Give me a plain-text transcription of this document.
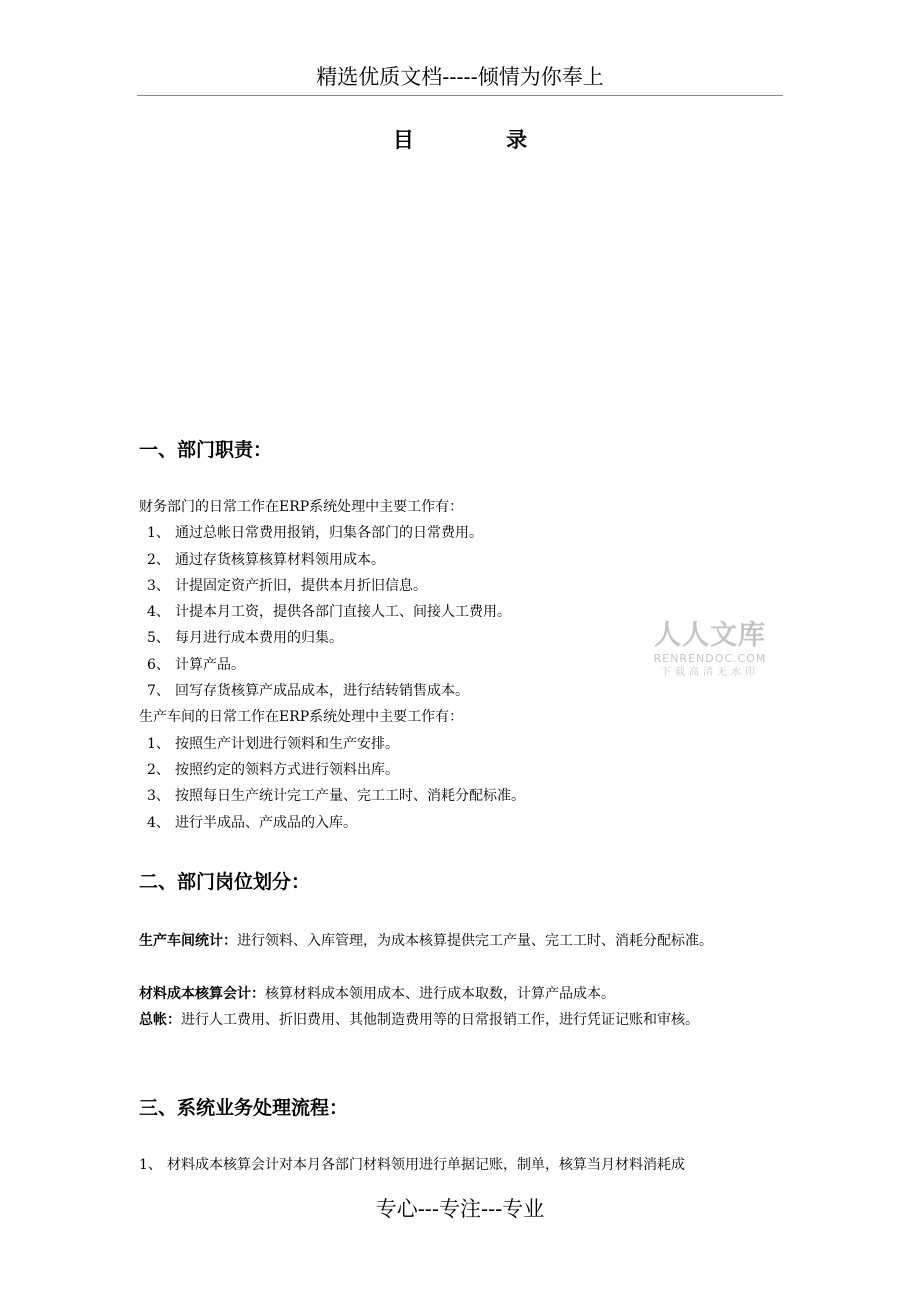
精选优质文档-----倾情为你奉上
目 录
一、部门职责：
财务部门的日常工作在ERP系统处理中主要工作有：
1、 通过总帐日常费用报销，归集各部门的日常费用。
2、 通过存货核算核算材料领用成本。
3、 计提固定资产折旧，提供本月折旧信息。
4、 计提本月工资，提供各部门直接人工、间接人工费用。
5、 每月进行成本费用的归集。
6、 计算产品。
7、 回写存货核算产成品成本，进行结转销售成本。
生产车间的日常工作在ERP系统处理中主要工作有：
1、 按照生产计划进行领料和生产安排。
2、 按照约定的领料方式进行领料出库。
3、 按照每日生产统计完工产量、完工工时、消耗分配标准。
4、 进行半成品、产成品的入库。
人人文库
RENRENDOC.COM
下载高清无水印
二、部门岗位划分：
生产车间统计：进行领料、入库管理，为成本核算提供完工产量、完工工时、消耗分配标准。
材料成本核算会计：核算材料成本领用成本、进行成本取数，计算产品成本。
总帐：进行人工费用、折旧费用、其他制造费用等的日常报销工作，进行凭证记账和审核。
三、系统业务处理流程：
1、 材料成本核算会计对本月各部门材料领用进行单据记账，制单，核算当月材料消耗成
专心---专注---专业
